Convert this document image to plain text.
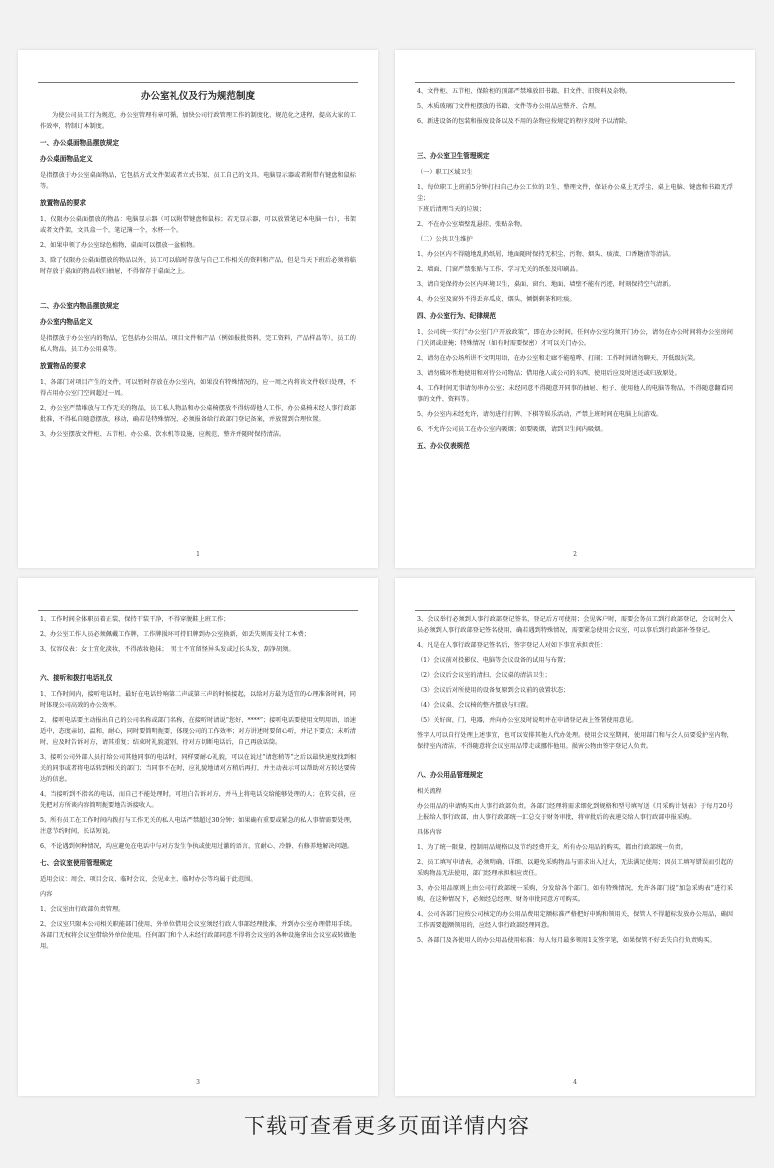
办公室礼仪及行为规范制度
为使公司员工行为规范，办公室管理有章可循，加快公司行政管理工作的制度化、规范化之进程，提高大家的工作效率，特制订本制度。
一、办公桌面物品摆放规定
办公桌面物品定义
是指摆放于办公室桌面物品，它包括方式文件架或者立式书架、员工自己的文具、电脑显示器或者附带有键盘和鼠标等。
放置物品的要求
1、仅限办公桌面摆放的物品：电脑显示器（可以附带键盘和鼠标；若无显示器，可以放置笔记本电脑一台），书架或者文件架，文具盒一个，笔记簿一个，水杯一个。
2、如果申领了办公室绿色植物，桌面可以摆放一盆植物。
3、除了仅限办公桌面摆放的物品以外，员工可以临时存放与自己工作相关的资料和产品，但是当天下班后必须将临时存放于桌面的物品收归抽屉，不得留存于桌面之上。
二、办公室内物品摆放规定
办公室内物品定义
是指摆放于办公室内的物品，它包括办公用品，项目文件和产品（例如报批资料，完工资料，产品样品等），员工的私人物品，员工办公用桌等。
放置物品的要求
1、各部门对项目产生的文件，可以暂时存放在办公室内，如果没有特殊情况的，应一周之内将该文件收归处理，不得占用办公室门空间超过一周。
2、办公室严禁堆放与工作无关的物品，员工私人物品和办公桌椅摆放不得妨碍他人工作，办公桌椅未经人事行政部批准，不得私自随意摆放，移动，确若是特殊情况，必须报备给行政部门登记备案，并放置到合理位置。
3、办公室摆放文件柜、五节柜、办公桌、饮水机等设施，应规范，整齐并随时保持清洁。
1
4、文件柜、五节柜、保险柜的顶部严禁堆放旧书籍、旧文件、旧资料及杂物。
5、木质玻璃门文件柜摆放的书籍、文件等办公用品应整齐、合理。
6、新进设备的包装和报废设备以及不用的杂物应按规定的程序及时予以清除。
三、办公室卫生管理规定
（一）职工区域卫生
1、每位职工上班前5分钟打扫自己办公工位的卫生，整理文件，保证办公桌上无浮尘，桌上电脑、键盘和书籍无浮尘；
下班后清理当天的垃圾；
2、不在办公室墙壁乱悬挂、张贴杂物。
（二）公共卫生维护
1、办公区内不得随地乱扔纸屑，地面随时保持无积尘、污物、烟头、痰渍、口香糖渣等清洁。
2、墙面、门窗严禁张贴与工作、学习无关的纸张及印刷品。
3、请自觉保持办公区内环境卫生，桌面、窗台、地面、墙壁不能有污迹，时刻保持空气清新。
4、办公室及窗外不得丢弃瓜皮、烟头、倾倒剩茶和吐痰。
四、办公室行为、纪律规范
1、公司统一实行“办公室门户开放政策”，即在办公时间，任何办公室均须开门办公，请勿在办公时间将办公室房间门关闭或虚掩；特殊情况（如有时需要保密）才可以关门办公。
2、请勿在办公场所讲不文明用语，在办公室和走廊不能喧哗、打闹；工作时间请勿聊天、开低级玩笑。
3、请勿破坏性地使用和对待公司物品；借用他人或公司的东西，使用后应及时送还或归放原处。
4、工作时间无事请勿串办公室；未经同意不得随意开同事的抽屉、柜子、使用他人的电脑等物品，不得随意翻看同事的文件、资料等。
5、办公室内未经允许，请勿进行打牌、下棋等娱乐活动，严禁上班时间在电脑上玩游戏。
6、不允许公司员工在办公室内吸烟；如要吸烟，请到卫生间内吸烟。
五、办公仪表规范
2
1、工作时间全体职员着正装，保持干装干净，不得穿脱鞋上班工作；
2、办公室工作人员必须佩戴工作牌，工作牌损坏可持旧牌到办公室换新，如丢失则需支付工本费；
3、仪容仪表：女士宜化淡妆，不得浓妆艳抹；　男士不宜留怪异头发或过长头发，刮净胡须。
六、接听和拨打电话礼仪
1、工作时间内，接听电话时，最好在电话铃响第二声或第三声的时候接起，以给对方最为适宜的心理准备时间，同时体现公司高效的办公效率。
2、 接听电话要主动报出自己的公司名称或部门名称，在接听时请说“您好，****”；接听电话要使用文明用语，语速适中，态度亲切，温和，耐心，同时要简明扼要，体现公司的工作效率；对方讲述时要留心听，并记下要点；未听清时，应及时告诉对方，请其重复；结束时礼貌道别，待对方切断电话后，自己再放话筒。
3、接听公司外部人员打给公司其他同事的电话时，同样要耐心礼貌，可以在说过“请您稍等”之后以最快速度找到相关的同事或者将电话转到相关的部门；当同事不在时，应礼貌地请对方稍后再打，并主动表示可以帮助对方转达要传达的信息。
4、当接听到不指名的电话，而自己不能处理时，可坦白告诉对方，并马上将电话交给能够处理的人；在转交前，应先把对方所谈内容简明扼要地告诉接收人。
5、所有员工在工作时间内拨打与工作无关的私人电话严禁超过30分钟；如果确有重要或紧急的私人事情需要处理，注意节约时间，长话短说。
6、不论遇到何种情况，均应避免在电话中与对方发生争执或使用过激的语言，宜耐心、冷静、有修养地解决问题。
七、会议室使用管理规定
适用会议：周会、项目会议、临时会议、会见业主、临时办公等均属于此范围。
内容
1、会议室由行政部负责管理。
2、会议室只限本公司相关职能部门使用，外单位借用会议室须经行政人事部经理批准，并到办公室办理借用手续。各部门无权将会议室借给外单位使用。任何部门和个人未经行政部同意不得将会议室的各种设施拿出会议室或转做他用。
3
3、会议举行必须到人事行政部登记签名，登记后方可使用；会见客户时，需要会务员工到行政部登记，会议时会入员必须到人事行政部登记签名使用，确若遇到特殊情况，需要紧急使用会议室，可以事后到行政部补签登记。
4、凡是在人事行政部登记签名后，签字登记人对如下事宜承担责任：
（1）会议前对投影仪、电脑等会议设备的试用与布置；
（2）会议后会议室的清扫、会议桌的清洁卫生；
（3）会议后对所使用的设备复原到会议前的放置状态；
（4）会议桌、会议椅的整齐摆放与归置。
（5）关好窗，门，电器，并向办公室及时说明并在申请登记表上签署使用意见。
签字人可以自行处理上述事宜，也可以安排其他人代办处理。使用会议室期间，使用部门和与会人员要爱护室内物，保持室内清洁，不得随意将会议室用品带走或挪作他用。损害公物由签字登记人负责。
八、办公用品管理规定
相关流程
办公用品的申请购买由人事行政部负责。各部门经理将需求细化到规格和型号填写送《月采购计划表》于每月20号上报给人事行政部，由人事行政部统一汇总交于财务审批，将审批后的表递交给人事行政部申报采购。
具体内容
1、为了统一限量，控制用品规格以及节约经费开支，所有办公用品的购买，都由行政部统一负责。
2、员工填写申请表，必须明确、详细、以避免采购物品与需求出入过大，无法满足使用；因员工填写错误而引起的采购物品无法使用，部门经理承担相应责任。
3、办公用品原则上由公司行政部统一采购，分发给各个部门。如有特殊情况，允许各部门提“加急采购表”进行采购，在这种情况下，必须经总经理、财务审批同意方可购买。
4、公司各部门应按公司核定的办公用品费用定额标准严格把好申购和领用关，保管人不得超标发放办公用品，确因工作需要超额领用的，应经人事行政部经理同意。
5、各部门及各使用人的办公用品使用标准：每人每月最多领用1支签字笔，如果保管不好丢失自行负责购买。
4
下载可查看更多页面详情内容
